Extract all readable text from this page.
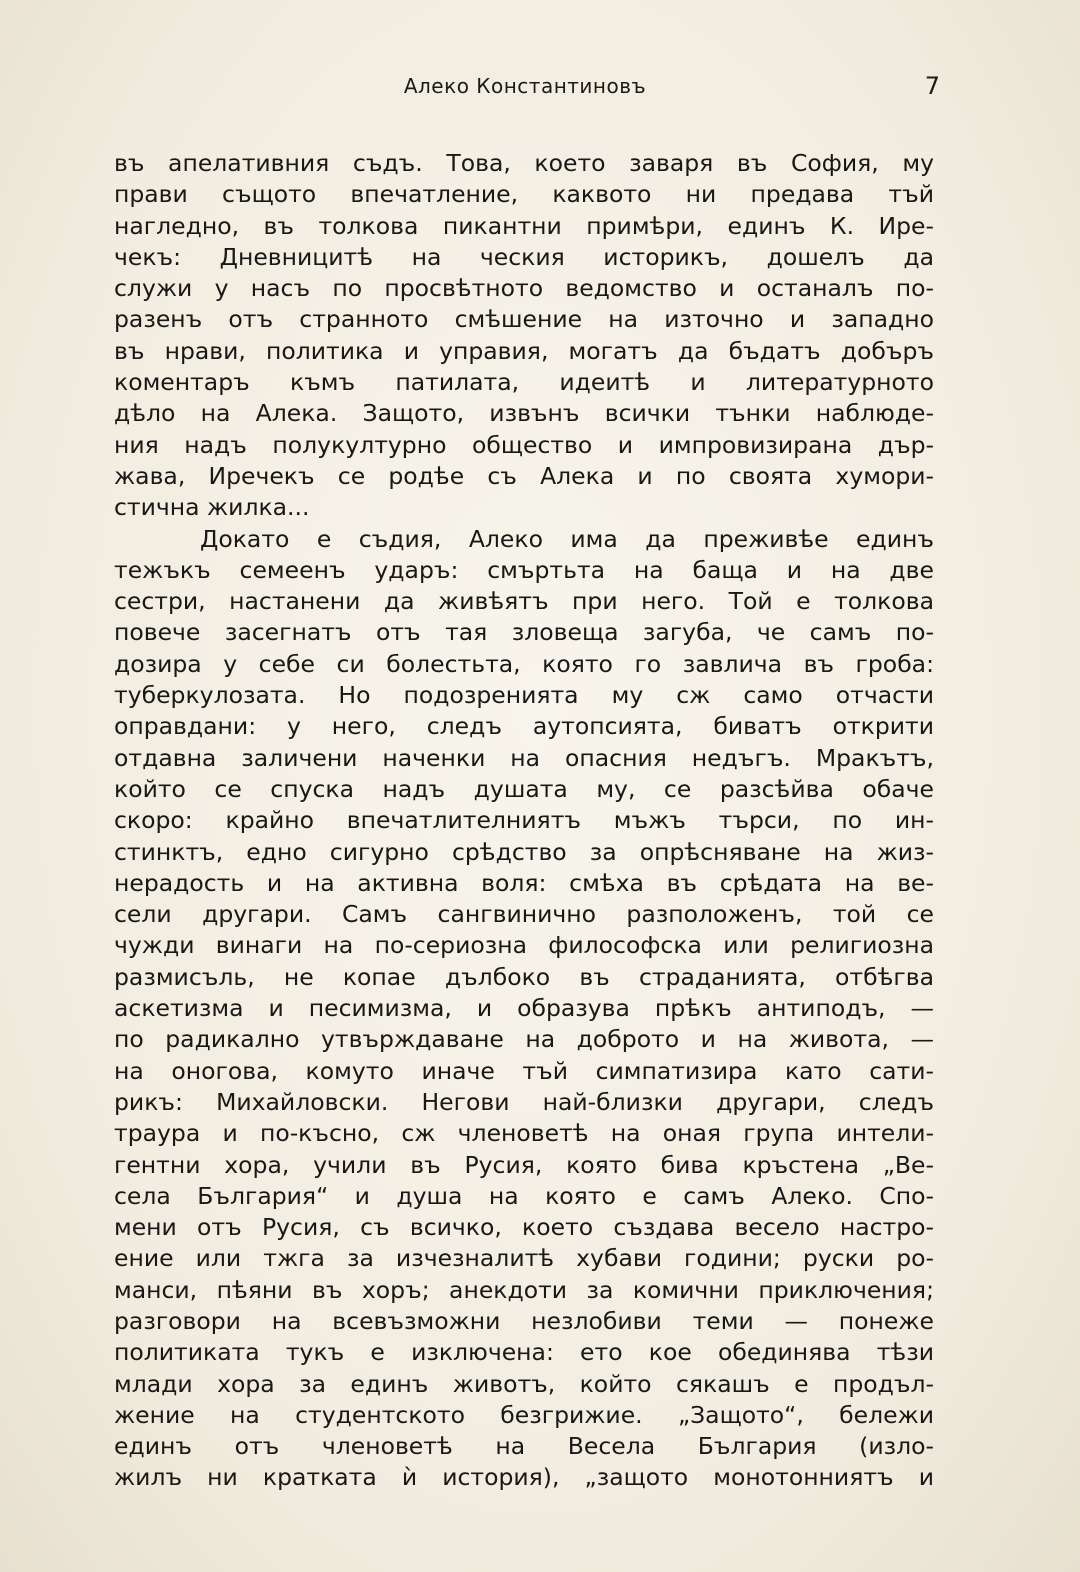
Алеко Константиновъ	7
въ апелативния съдъ. Това, което заваря въ София, му
прави същото впечатление, каквото ни предава тъй
нагледно, въ толкова пикантни примѣри, единъ К. Ире-
чекъ: Дневницитѣ на ческия историкъ, дошелъ да
служи у насъ по просвѣтното ведомство и останалъ по-
разенъ отъ странното смѣшение на източно и западно
въ нрави, политика и управия, могатъ да бъдатъ добъръ
коментаръ къмъ патилата, идеитѣ и литературното
дѣло на Алека. Защото, извънъ всички тънки наблюде-
ния надъ полукултурно общество и импровизирана дър-
жава, Иречекъ се родѣе съ Алека и по своята хумори-
стична жилка...
Докато е съдия, Алеко има да преживѣе единъ
тежъкъ семеенъ ударъ: смъртьта на баща и на две
сестри, настанени да живѣятъ при него. Той е толкова
повече засегнатъ отъ тая зловеща загуба, че самъ по-
дозира у себе си болестьта, която го завлича въ гроба:
туберкулозата. Но подозренията му сж само отчасти
оправдани: у него, следъ аутопсията, биватъ открити
отдавна заличени наченки на опасния недъгъ. Мракътъ,
който се спуска надъ душата му, се разсѣйва обаче
скоро: крайно впечатлителниятъ мъжъ търси, по ин-
стинктъ, едно сигурно срѣдство за опрѣсняване на жиз-
нерадость и на активна воля: смѣха въ срѣдата на ве-
сели другари. Самъ сангвинично разположенъ, той се
чужди винаги на по-сериозна философска или религиозна
размисъль, не копае дълбоко въ страданията, отбѣгва
аскетизма и песимизма, и образува прѣкъ антиподъ, —
по радикално утвърждаване на доброто и на живота, —
на оногова, комуто иначе тъй симпатизира като сати-
рикъ: Михайловски. Негови най-близки другари, следъ
траура и по-късно, сж членоветѣ на оная група интели-
гентни хора, учили въ Русия, която бива кръстена „Ве-
села България“ и душа на която е самъ Алеко. Спо-
мени отъ Русия, съ всичко, което създава весело настро-
ение или тжга за изчезналитѣ хубави години; руски ро-
манси, пѣяни въ хоръ; анекдоти за комични приключения;
разговори на всевъзможни незлобиви теми — понеже
политиката тукъ е изключена: ето кое обединява тѣзи
млади хора за единъ животъ, който сякашъ е продъл-
жение на студентското безгрижие. „Защото“, бележи
единъ отъ членоветѣ на Весела България (изло-
жилъ ни кратката ѝ история), „защото монотонниятъ и
